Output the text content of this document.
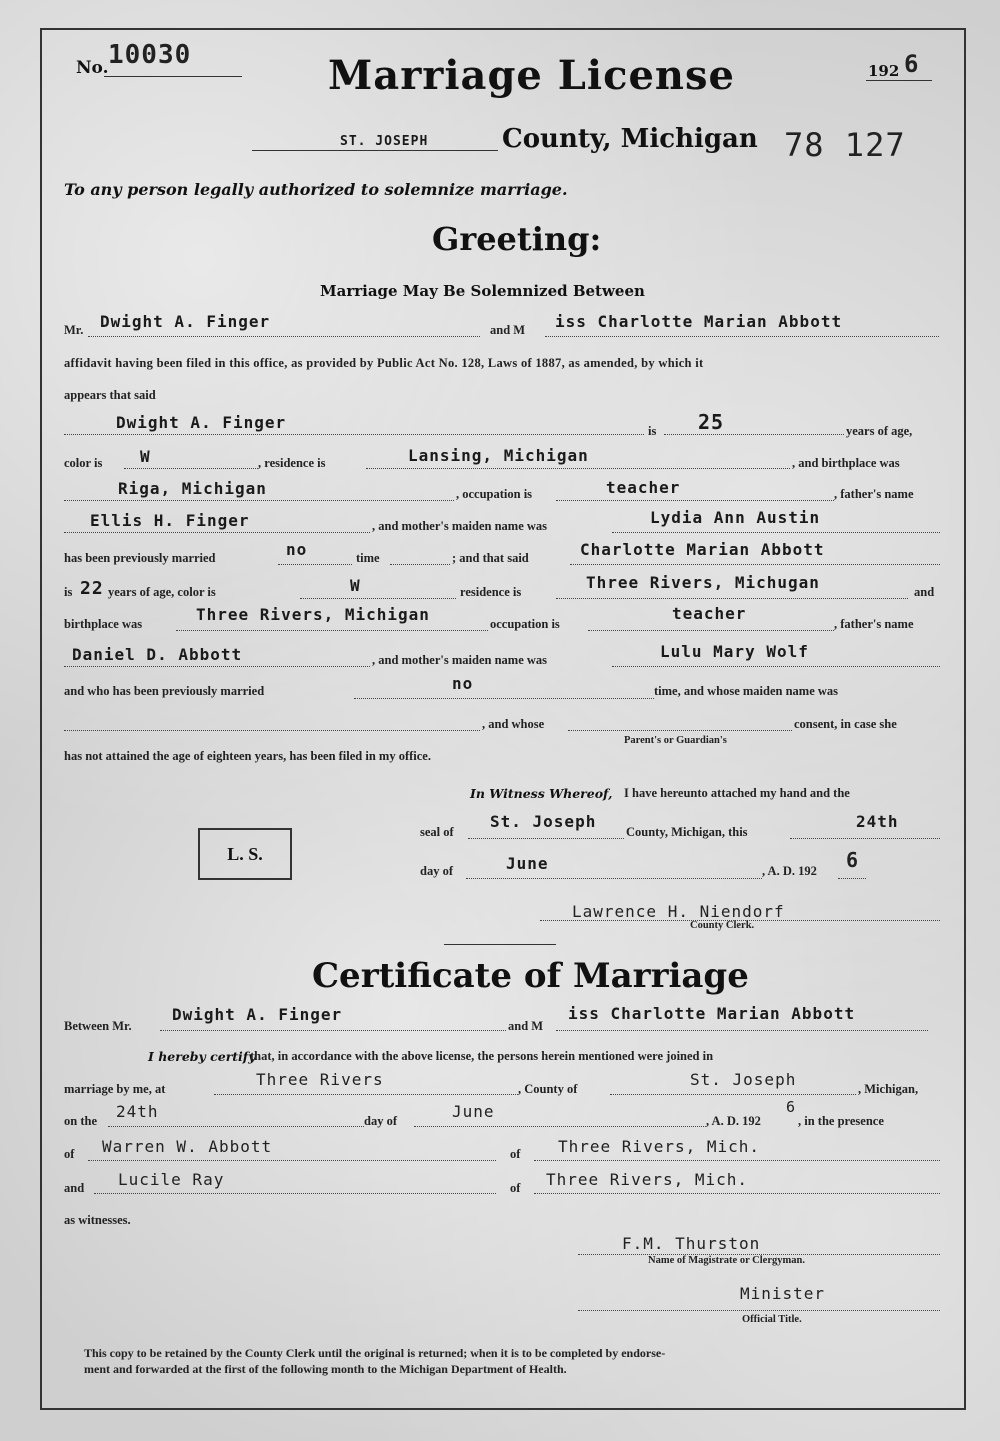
No. 10030	Marriage License	192 6
ST. JOSEPH	County, Michigan 78 127
To any person legally authorized to solemnize marriage.
Greeting:
Marriage May Be Solemnized Between
Mr. Dwight A. Finger	and M iss Charlotte Marian Abbott
affidavit having been filed in this office, as provided by Public Act No. 128, Laws of 1887, as amended, by which it
appears that said
Dwight A. Finger	is 25	years of age,
color is W	, residence is	Lansing, Michigan	, and birthplace was
Riga, Michigan	, occupation is	teacher	, father's name
Ellis H. Finger	, and mother's maiden name was	Lydia Ann Austin
has been previously married	no	time	; and that said	Charlotte Marian Abbott
is 22 years of age, color is	W	residence is	Three Rivers, Michugan	and
birthplace was	Three Rivers, Michigan	occupation is
teacher
, father's name
Daniel D. Abbott	, and mother's maiden name was	Lulu Mary Wolf
and who has been previously married	no	time, and whose maiden name was
, and whose	consent, in case she
Parent's or Guardian's
has not attained the age of eighteen years, has been filed in my office.
In Witness Whereof, I have hereunto attached my hand and the
seal of
St. Joseph
County, Michigan, this
24th
L. S.
day of	June	, A. D. 192 6
Lawrence H. Niendorf
County Clerk.
Certificate of Marriage
Between Mr.
Dwight A. Finger
and M
iss Charlotte Marian Abbott
I hereby certify
that, in accordance with the above license, the persons herein mentioned were joined in
marriage by me, at	Three Rivers	, County of	St. Joseph	, Michigan,
on the 24th	day of	June	, A. D. 192
6
, in the presence
of Warren W. Abbott	of Three Rivers, Mich.
and Lucile Ray	of Three Rivers, Mich.
as witnesses.
F.M. Thurston
Name of Magistrate or Clergyman.
Minister
Official Title.
This copy to be retained by the County Clerk until the original is returned; when it is to be completed by endorse-
ment and forwarded at the first of the following month to the Michigan Department of Health.
